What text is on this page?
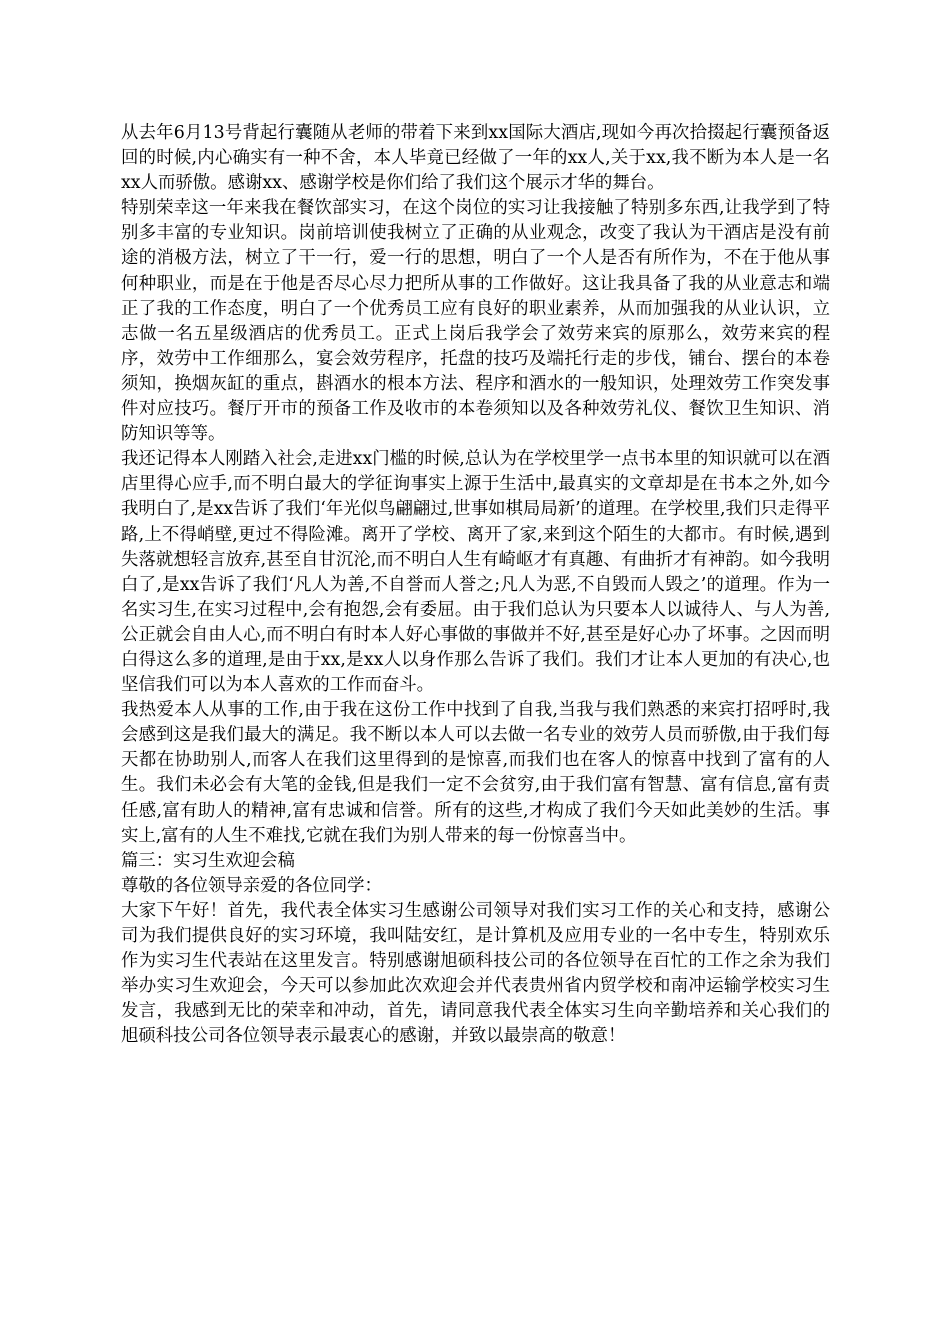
从去年6月13号背起行囊随从老师的带着下来到xx国际大酒店,现如今再次拾掇起行囊预备返回的时候,内心确实有一种不舍，本人毕竟已经做了一年的xx人,关于xx,我不断为本人是一名xx人而骄傲。感谢xx、感谢学校是你们给了我们这个展示才华的舞台。

特别荣幸这一年来我在餐饮部实习，在这个岗位的实习让我接触了特别多东西,让我学到了特别多丰富的专业知识。岗前培训使我树立了正确的从业观念，改变了我认为干酒店是没有前途的消极方法，树立了干一行，爱一行的思想，明白了一个人是否有所作为，不在于他从事何种职业，而是在于他是否尽心尽力把所从事的工作做好。这让我具备了我的从业意志和端正了我的工作态度，明白了一个优秀员工应有良好的职业素养，从而加强我的从业认识，立志做一名五星级酒店的优秀员工。正式上岗后我学会了效劳来宾的原那么，效劳来宾的程序，效劳中工作细那么，宴会效劳程序，托盘的技巧及端托行走的步伐，铺台、摆台的本卷须知，换烟灰缸的重点，斟酒水的根本方法、程序和酒水的一般知识，处理效劳工作突发事件对应技巧。餐厅开市的预备工作及收市的本卷须知以及各种效劳礼仪、餐饮卫生知识、消防知识等等。

我还记得本人刚踏入社会,走进xx门槛的时候,总认为在学校里学一点书本里的知识就可以在酒店里得心应手,而不明白最大的学征询事实上源于生活中,最真实的文章却是在书本之外,如今我明白了,是xx告诉了我们‘年光似鸟翩翩过,世事如棋局局新’的道理。在学校里,我们只走得平路,上不得峭壁,更过不得险滩。离开了学校、离开了家,来到这个陌生的大都市。有时候,遇到失落就想轻言放弃,甚至自甘沉沦,而不明白人生有崎岖才有真趣、有曲折才有神韵。如今我明白了,是xx告诉了我们‘凡人为善,不自誉而人誉之;凡人为恶,不自毁而人毁之’的道理。作为一名实习生,在实习过程中,会有抱怨,会有委屈。由于我们总认为只要本人以诚待人、与人为善,公正就会自由人心,而不明白有时本人好心事做的事做并不好,甚至是好心办了坏事。之因而明白得这么多的道理,是由于xx,是xx人以身作那么告诉了我们。我们才让本人更加的有决心,也坚信我们可以为本人喜欢的工作而奋斗。

我热爱本人从事的工作,由于我在这份工作中找到了自我,当我与我们熟悉的来宾打招呼时,我会感到这是我们最大的满足。我不断以本人可以去做一名专业的效劳人员而骄傲,由于我们每天都在协助别人,而客人在我们这里得到的是惊喜,而我们也在客人的惊喜中找到了富有的人生。我们未必会有大笔的金钱,但是我们一定不会贫穷,由于我们富有智慧、富有信息,富有责任感,富有助人的精神,富有忠诚和信誉。所有的这些,才构成了我们今天如此美妙的生活。事实上,富有的人生不难找,它就在我们为别人带来的每一份惊喜当中。

篇三：实习生欢迎会稿

尊敬的各位领导亲爱的各位同学：

大家下午好！首先，我代表全体实习生感谢公司领导对我们实习工作的关心和支持，感谢公司为我们提供良好的实习环境，我叫陆安红，是计算机及应用专业的一名中专生，特别欢乐作为实习生代表站在这里发言。特别感谢旭硕科技公司的各位领导在百忙的工作之余为我们举办实习生欢迎会，今天可以参加此次欢迎会并代表贵州省内贸学校和南冲运输学校实习生发言，我感到无比的荣幸和冲动，首先，请同意我代表全体实习生向辛勤培养和关心我们的旭硕科技公司各位领导表示最衷心的感谢，并致以最崇高的敬意！
